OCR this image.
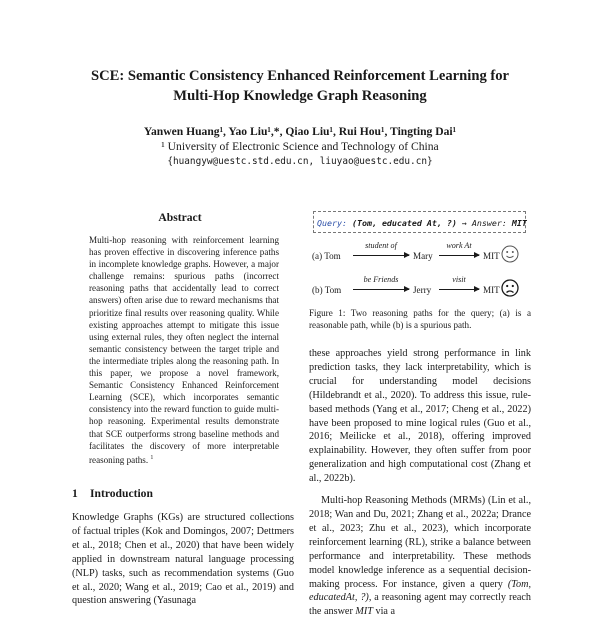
SCE: Semantic Consistency Enhanced Reinforcement Learning for
Multi-Hop Knowledge Graph Reasoning
Yanwen Huang¹, Yao Liu¹,*, Qiao Liu¹, Rui Hou¹, Tingting Dai¹
¹ University of Electronic Science and Technology of China
{huangyw@uestc.std.edu.cn, liuyao@uestc.edu.cn}
Abstract

Multi-hop reasoning with reinforcement learning has proven effective in discovering inference paths in incomplete knowledge graphs. However, a major challenge remains: spurious paths (incorrect reasoning paths that accidentally lead to correct answers) often arise due to reward mechanisms that prioritize final results over reasoning quality. While existing approaches attempt to mitigate this issue using external rules, they often neglect the internal semantic consistency between the target triple and the intermediate triples along the reasoning path. In this paper, we propose a novel framework, Semantic Consistency Enhanced Reinforcement Learning (SCE), which incorporates semantic consistency into the reward function to guide multi-hop reasoning. Experimental results demonstrate that SCE outperforms strong baseline methods and facilitates the discovery of more interpretable reasoning paths. $^1$

1 Introduction

Knowledge Graphs (KGs) are structured collections of factual triples (Kok and Domingos, 2007; Dettmers et al., 2018; Chen et al., 2020) that have been widely applied in downstream natural language processing (NLP) tasks, such as recommendation systems (Guo et al., 2020; Wang et al., 2019; Cao et al., 2019) and question answering (Yasunaga

Query: (Tom, educated At, ?) → Answer: MIT
(a) Tom
student of
Mary
work At
MIT
(b) Tom
be Friends
Jerry
visit
MIT
Figure 1: Two reasoning paths for the query; (a) is a reasonable path, while (b) is a spurious path.

these approaches yield strong performance in link prediction tasks, they lack interpretability, which is crucial for understanding model decisions (Hildebrandt et al., 2020). To address this issue, rule-based methods (Yang et al., 2017; Cheng et al., 2022) have been proposed to mine logical rules (Guo et al., 2016; Meilicke et al., 2018), offering improved explainability. However, they often suffer from poor generalization and high computational cost (Zhang et al., 2022b).

Multi-hop Reasoning Methods (MRMs) (Lin et al., 2018; Wan and Du, 2021; Zhang et al., 2022a; Drance et al., 2023; Zhu et al., 2023), which incorporate reinforcement learning (RL), strike a balance between performance and interpretability. These methods model knowledge inference as a sequential decision-making process. For instance, given a query (Tom, educatedAt, ?), a reasoning agent may correctly reach the answer MIT via a
